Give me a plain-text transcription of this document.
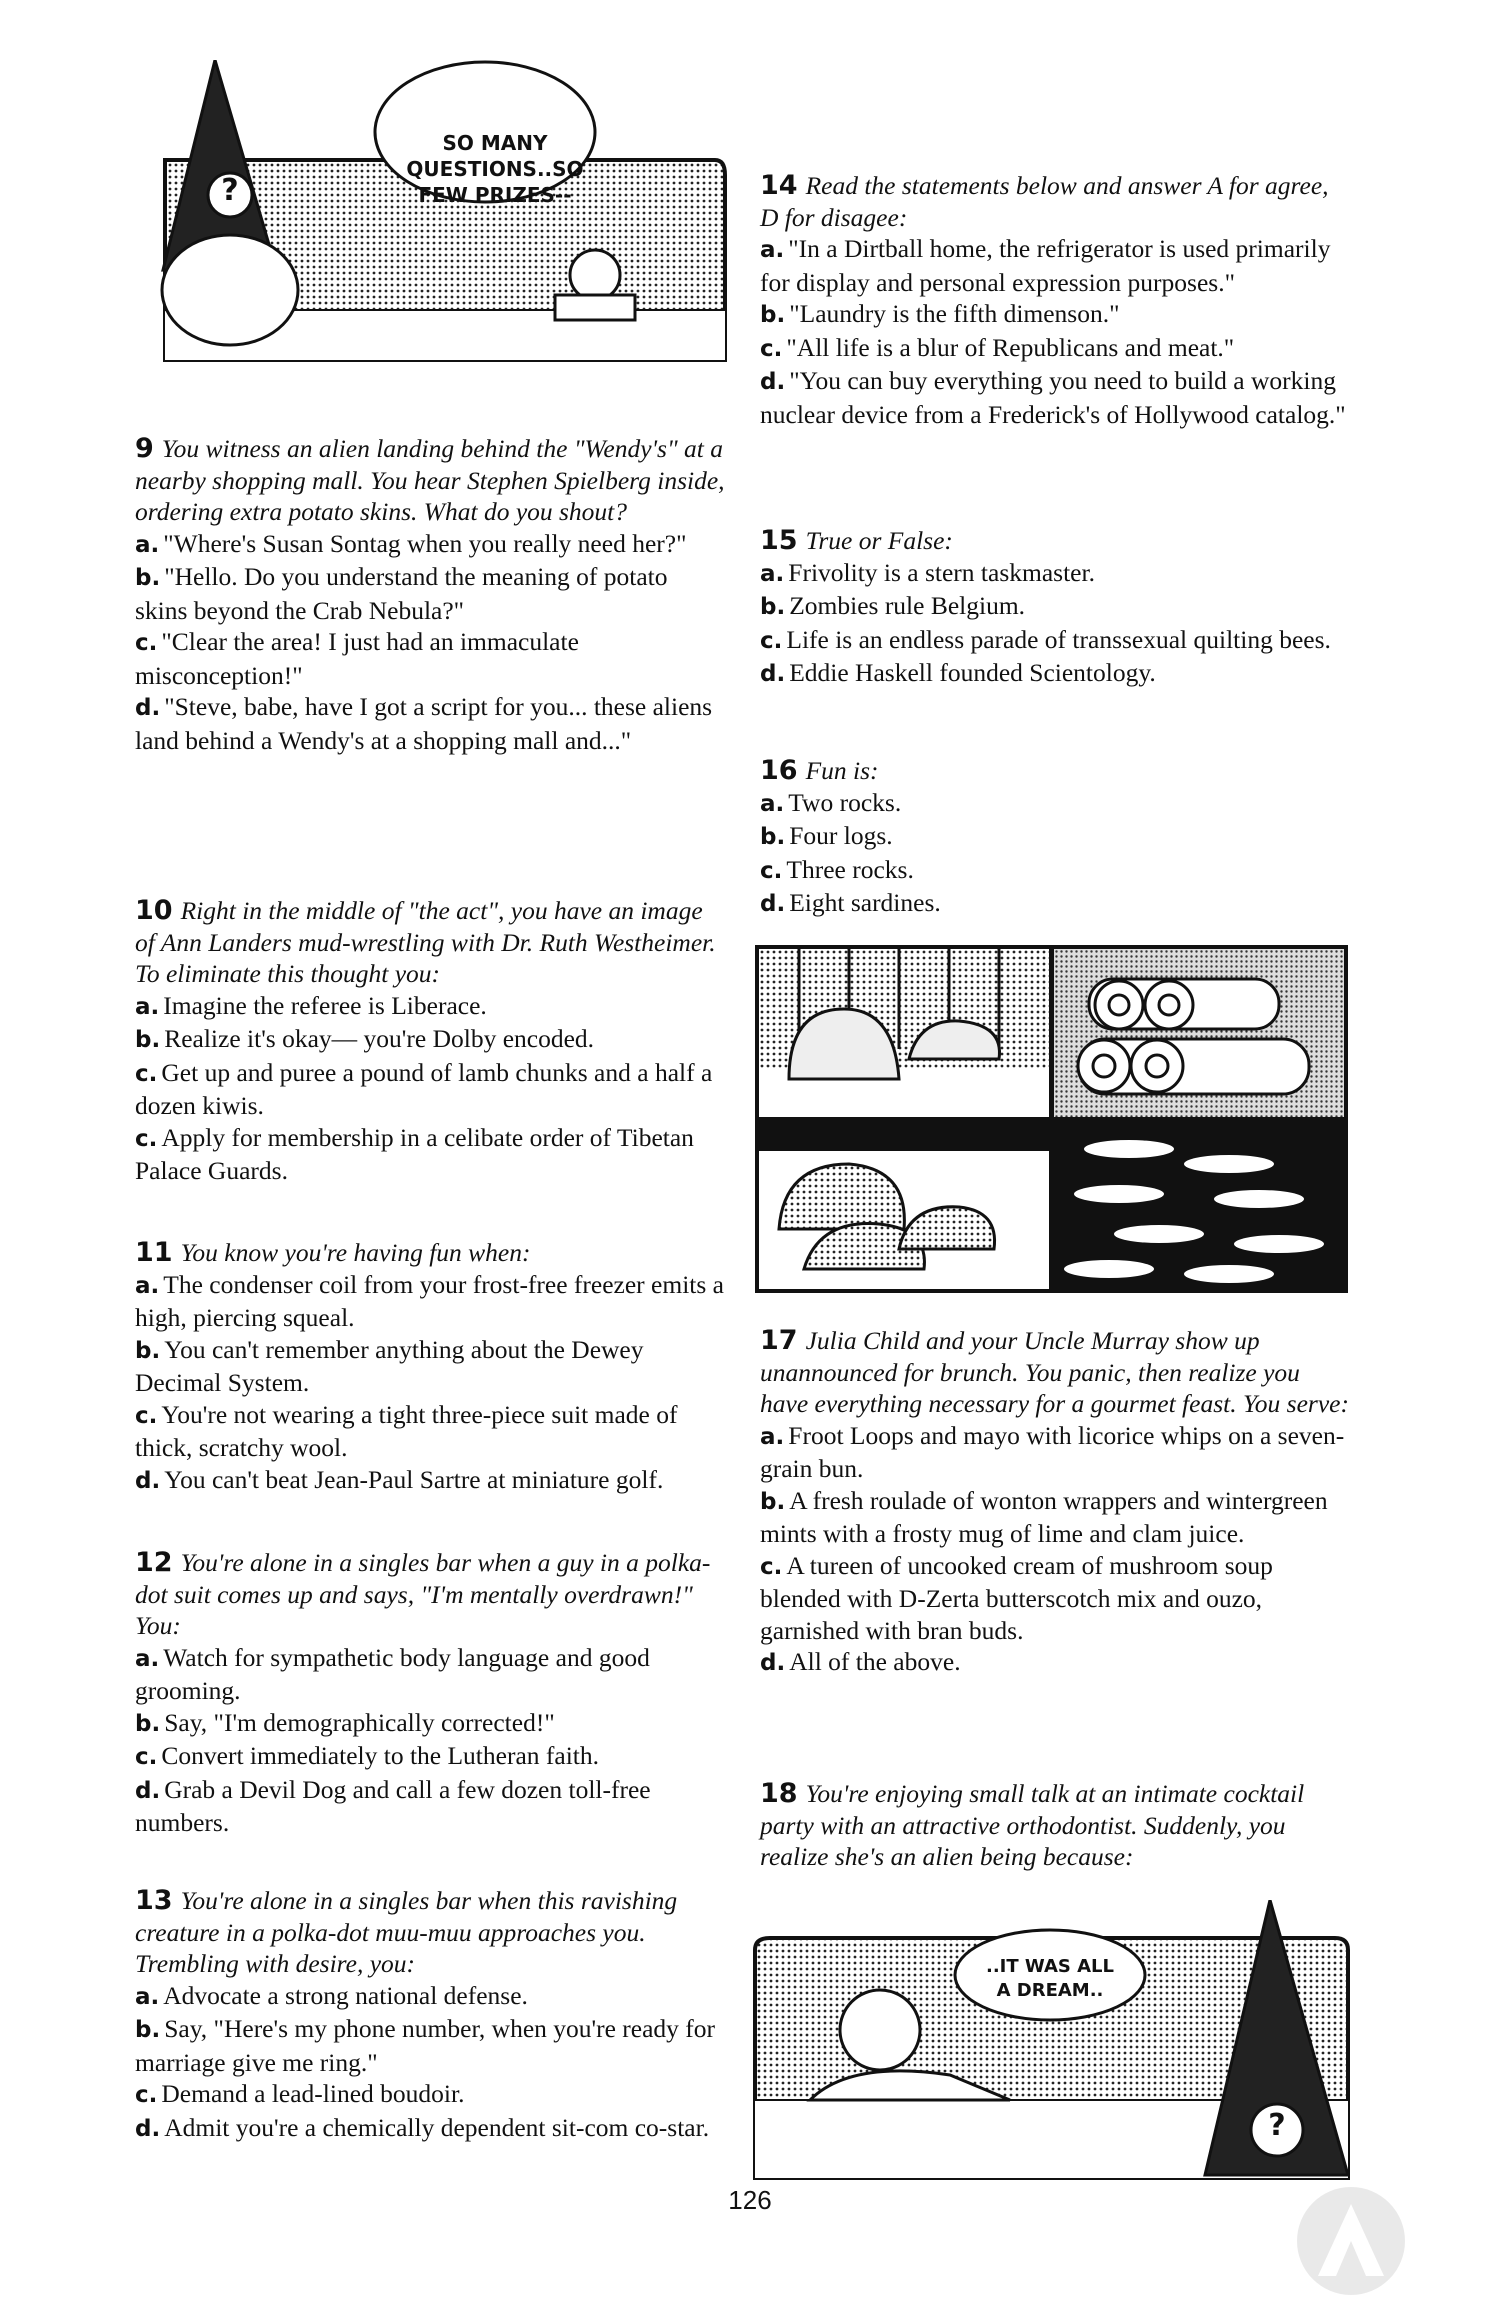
?
SO MANY
QUESTIONS..SO
FEW PRIZES--

9 You witness an alien landing behind the "Wendy's" at a nearby shopping mall. You hear Stephen Spielberg inside, ordering extra potato skins. What do you shout?

a. "Where's Susan Sontag when you really need her?"

b. "Hello. Do you understand the meaning of potato skins beyond the Crab Nebula?"

c. "Clear the area! I just had an immaculate misconception!"

d. "Steve, babe, have I got a script for you... these aliens land behind a Wendy's at a shopping mall and..."

10 Right in the middle of "the act", you have an image of Ann Landers mud-wrestling with Dr. Ruth Westheimer. To eliminate this thought you:

a. Imagine the referee is Liberace.

b. Realize it's okay— you're Dolby encoded.

c. Get up and puree a pound of lamb chunks and a half a dozen kiwis.

c. Apply for membership in a celibate order of Tibetan Palace Guards.

11 You know you're having fun when:

a. The condenser coil from your frost-free freezer emits a high, piercing squeal.

b. You can't remember anything about the Dewey Decimal System.

c. You're not wearing a tight three-piece suit made of thick, scratchy wool.

d. You can't beat Jean-Paul Sartre at miniature golf.

12 You're alone in a singles bar when a guy in a polka-dot suit comes up and says, "I'm mentally overdrawn!" You:

a. Watch for sympathetic body language and good grooming.

b. Say, "I'm demographically corrected!"

c. Convert immediately to the Lutheran faith.

d. Grab a Devil Dog and call a few dozen toll-free numbers.

13 You're alone in a singles bar when this ravishing creature in a polka-dot muu-muu approaches you. Trembling with desire, you:

a. Advocate a strong national defense.

b. Say, "Here's my phone number, when you're ready for marriage give me ring."

c. Demand a lead-lined boudoir.

d. Admit you're a chemically dependent sit-com co-star.

14 Read the statements below and answer A for agree, D for disagee:

a. "In a Dirtball home, the refrigerator is used primarily for display and personal expression purposes."

b. "Laundry is the fifth dimenson."

c. "All life is a blur of Republicans and meat."

d. "You can buy everything you need to build a working nuclear device from a Frederick's of Hollywood catalog."

15 True or False:

a. Frivolity is a stern taskmaster.

b. Zombies rule Belgium.

c. Life is an endless parade of transsexual quilting bees.

d. Eddie Haskell founded Scientology.

16 Fun is:

a. Two rocks.

b. Four logs.

c. Three rocks.

d. Eight sardines.

17 Julia Child and your Uncle Murray show up unannounced for brunch. You panic, then realize you have everything necessary for a gourmet feast. You serve:

a. Froot Loops and mayo with licorice whips on a seven-grain bun.

b. A fresh roulade of wonton wrappers and wintergreen mints with a frosty mug of lime and clam juice.

c. A tureen of uncooked cream of mushroom soup blended with D-Zerta butterscotch mix and ouzo, garnished with bran buds.

d. All of the above.

18 You're enjoying small talk at an intimate cocktail party with an attractive orthodontist. Suddenly, you realize she's an alien being because:

?
..IT WAS ALL
A DREAM..
126
